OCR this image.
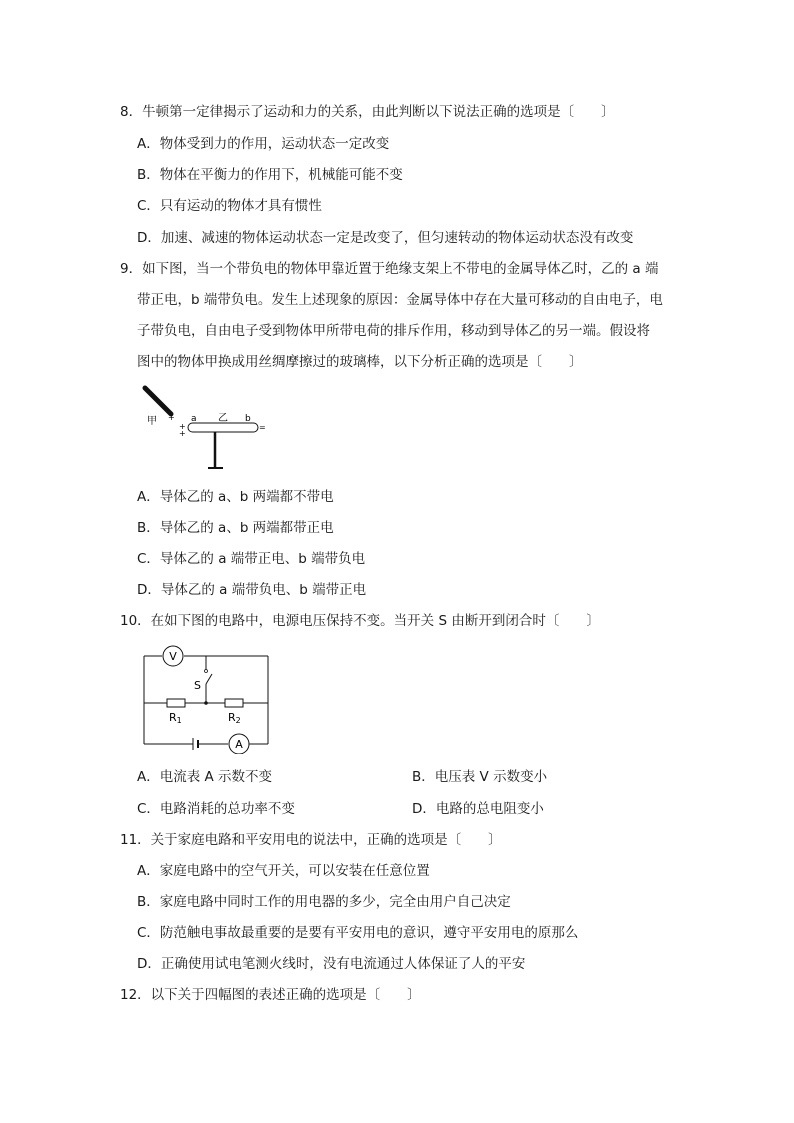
8．牛顿第一定律揭示了运动和力的关系，由此判断以下说法正确的选项是〔　　〕
A．物体受到力的作用，运动状态一定改变
B．物体在平衡力的作用下，机械能可能不变
C．只有运动的物体才具有惯性
D．加速、减速的物体运动状态一定是改变了，但匀速转动的物体运动状态没有改变
9．如下图，当一个带负电的物体甲靠近置于绝缘支架上不带电的金属导体乙时，乙的 a 端
带正电，b 端带负电。发生上述现象的原因：金属导体中存在大量可移动的自由电子，电
子带负电，自由电子受到物体甲所带电荷的排斥作用，移动到导体乙的另一端。假设将
图中的物体甲换成用丝绸摩擦过的玻璃棒，以下分析正确的选项是〔　　〕
甲 +
+
+
a 乙 b
=
A．导体乙的 a、b 两端都不带电
B．导体乙的 a、b 两端都带正电
C．导体乙的 a 端带正电、b 端带负电
D．导体乙的 a 端带负电、b 端带正电
10．在如下图的电路中，电源电压保持不变。当开关 S 由断开到闭合时〔　　〕
V
R1	R2
S
A
A．电流表 A 示数不变	B．电压表 V 示数变小
C．电路消耗的总功率不变	D．电路的总电阻变小
11．关于家庭电路和平安用电的说法中，正确的选项是〔　　〕
A．家庭电路中的空气开关，可以安装在任意位置
B．家庭电路中同时工作的用电器的多少，完全由用户自己决定
C．防范触电事故最重要的是要有平安用电的意识，遵守平安用电的原那么
D．正确使用试电笔测火线时，没有电流通过人体保证了人的平安
12．以下关于四幅图的表述正确的选项是〔　　〕
